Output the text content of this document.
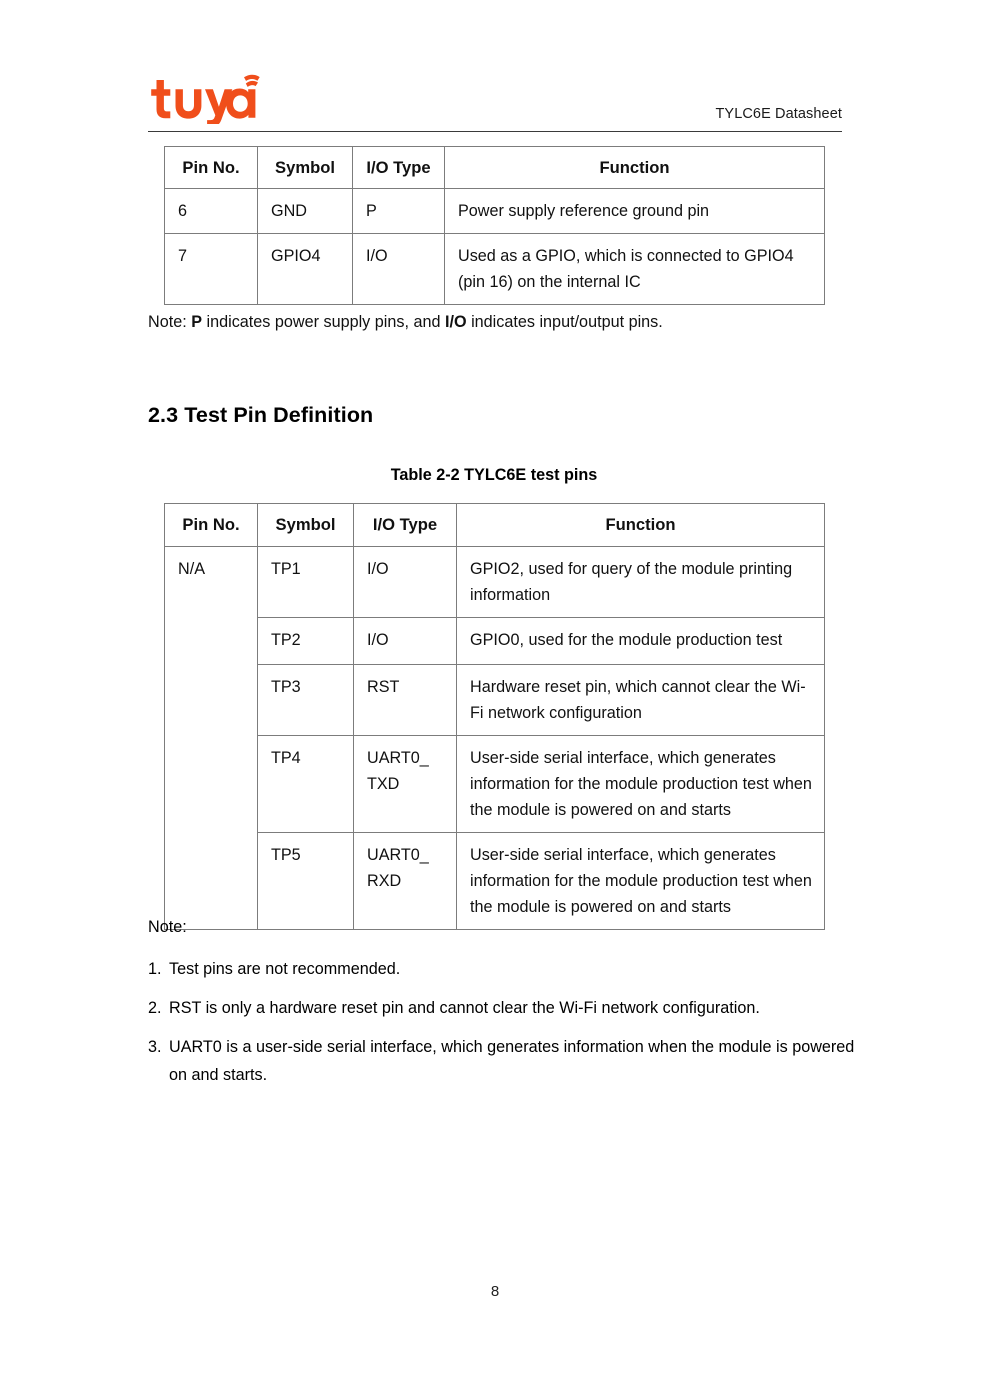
TYLC6E Datasheet
Pin No.	Symbol	I/O Type	Function

6	GND	P	Power supply reference ground pin

7	GPIO4	I/O	Used as a GPIO, which is connected to GPIO4 (pin 16) on the internal IC
Note: P indicates power supply pins, and I/O indicates input/output pins.
2.3 Test Pin Definition
Table 2-2 TYLC6E test pins
Pin No.	Symbol	I/O Type	Function

N/A	TP1	I/O	GPIO2, used for query of the module printing information

	TP2	I/O	GPIO0, used for the module production test

	TP3	RST	Hardware reset pin, which cannot clear the Wi-Fi network configuration

	TP4	UART0_ TXD	User-side serial interface, which generates information for the module production test when the module is powered on and starts

	TP5	UART0_ RXD	User-side serial interface, which generates information for the module production test when the module is powered on and starts
Note:
1. Test pins are not recommended.
2. RST is only a hardware reset pin and cannot clear the Wi-Fi network configuration.
3. UART0 is a user-side serial interface, which generates information when the module is powered on and starts.
8
